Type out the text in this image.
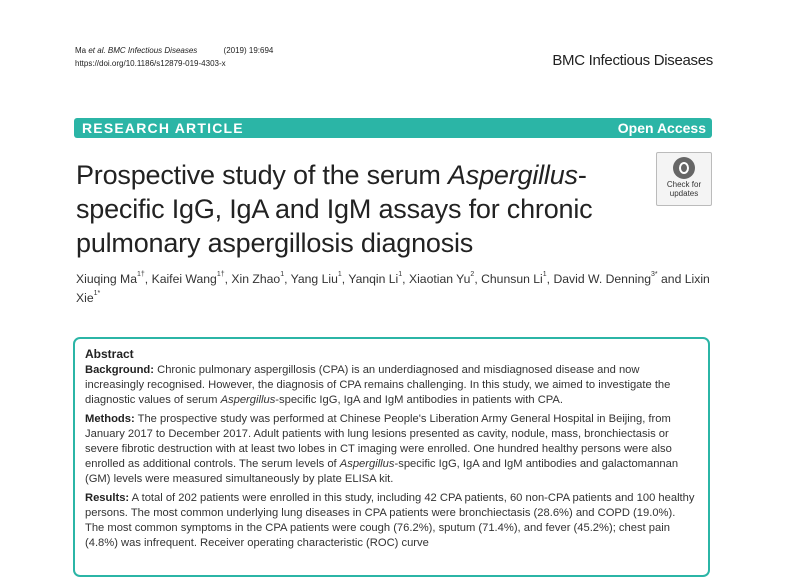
Ma et al. BMC Infectious Diseases	(2019) 19:694
https://doi.org/10.1186/s12879-019-4303-x	BMC Infectious Diseases
RESEARCH ARTICLE	Open Access
Prospective study of the serum Aspergillus-specific IgG, IgA and IgM assays for chronic pulmonary aspergillosis diagnosis
Check for
updates
Xiuqing $Ma^{1\dagger}$, Kaifei Wang$^{1\dagger}$, Xin Zhao$^1$, Yang Liu$^1$, Yanqin Li$^1$, Xiaotian Yu$^2$, Chunsun Li$^1$, David W. Denning$^{3*}$ and Lixin Xie$^{1*}$
Abstract

Background: Chronic pulmonary aspergillosis (CPA) is an underdiagnosed and misdiagnosed disease and now increasingly recognised. However, the diagnosis of CPA remains challenging. In this study, we aimed to investigate the diagnostic values of serum Aspergillus-specific IgG, IgA and IgM antibodies in patients with CPA.

Methods: The prospective study was performed at Chinese People's Liberation Army General Hospital in Beijing, from January 2017 to December 2017. Adult patients with lung lesions presented as cavity, nodule, mass, bronchiectasis or severe fibrotic destruction with at least two lobes in CT imaging were enrolled. One hundred healthy persons were also enrolled as additional controls. The serum levels of Aspergillus-specific IgG, IgA and IgM antibodies and galactomannan (GM) levels were measured simultaneously by plate ELISA kit.

Results: A total of 202 patients were enrolled in this study, including 42 CPA patients, 60 non-CPA patients and 100 healthy persons. The most common underlying lung diseases in CPA patients were bronchiectasis (28.6%) and COPD (19.0%). The most common symptoms in the CPA patients were cough (76.2%), sputum (71.4%), and fever (45.2%); chest pain (4.8%) was infrequent. Receiver operating characteristic (ROC) curve
